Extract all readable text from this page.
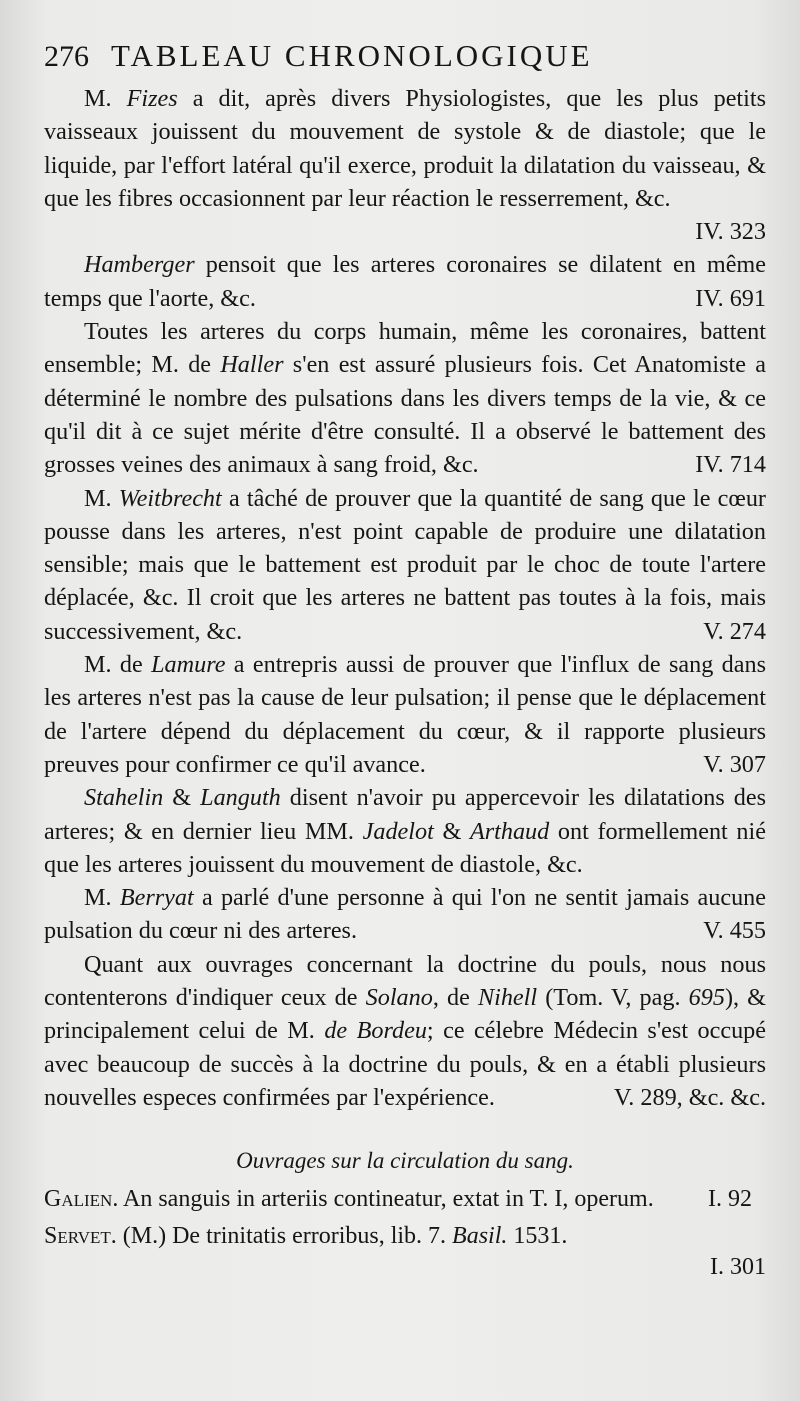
276 TABLEAU CHRONOLOGIQUE

M. Fizes a dit, après divers Physiologistes, que les plus petits vaisseaux jouissent du mouvement de systole & de diastole; que le liquide, par l'effort latéral qu'il exerce, produit la dilatation du vaisseau, & que les fibres occasionnent par leur réaction le resserrement, &c.
IV. 323

Hamberger pensoit que les arteres coronaires se dilatent en même temps que l'aorte, &c.	IV. 691

Toutes les arteres du corps humain, même les coronaires, battent ensemble; M. de Haller s'en est assuré plusieurs fois. Cet Anatomiste a déterminé le nombre des pulsations dans les divers temps de la vie, & ce qu'il dit à ce sujet mérite d'être consulté. Il a observé le battement des grosses veines des animaux à sang froid, &c.	IV. 714

M. Weitbrecht a tâché de prouver que la quantité de sang que le cœur pousse dans les arteres, n'est point capable de produire une dilatation sensible; mais que le battement est produit par le choc de toute l'artere déplacée, &c. Il croit que les arteres ne battent pas toutes à la fois, mais successivement, &c.	V. 274

M. de Lamure a entrepris aussi de prouver que l'influx de sang dans les arteres n'est pas la cause de leur pulsation; il pense que le déplacement de l'artere dépend du déplacement du cœur, & il rapporte plusieurs preuves pour confirmer ce qu'il avance.	V. 307

Stahelin & Languth disent n'avoir pu appercevoir les dilatations des arteres; & en dernier lieu MM. Jadelot & Arthaud ont formellement nié que les arteres jouissent du mouvement de diastole, &c.

M. Berryat a parlé d'une personne à qui l'on ne sentit jamais aucune pulsation du cœur ni des arteres.	V. 455

Quant aux ouvrages concernant la doctrine du pouls, nous nous contenterons d'indiquer ceux de Solano, de Nihell (Tom. V, pag. 695), & principalement celui de M. de Bordeu; ce célebre Médecin s'est occupé avec beaucoup de succès à la doctrine du pouls, & en a établi plusieurs nouvelles especes confirmées par l'expérience.	V. 289, &c. &c.

Ouvrages sur la circulation du sang.

Galien. An sanguis in arteriis contineatur, extat in T. I, operum. I. 92

Servet. (M.) De trinitatis erroribus, lib. 7. Basil. 1531.

I. 301
